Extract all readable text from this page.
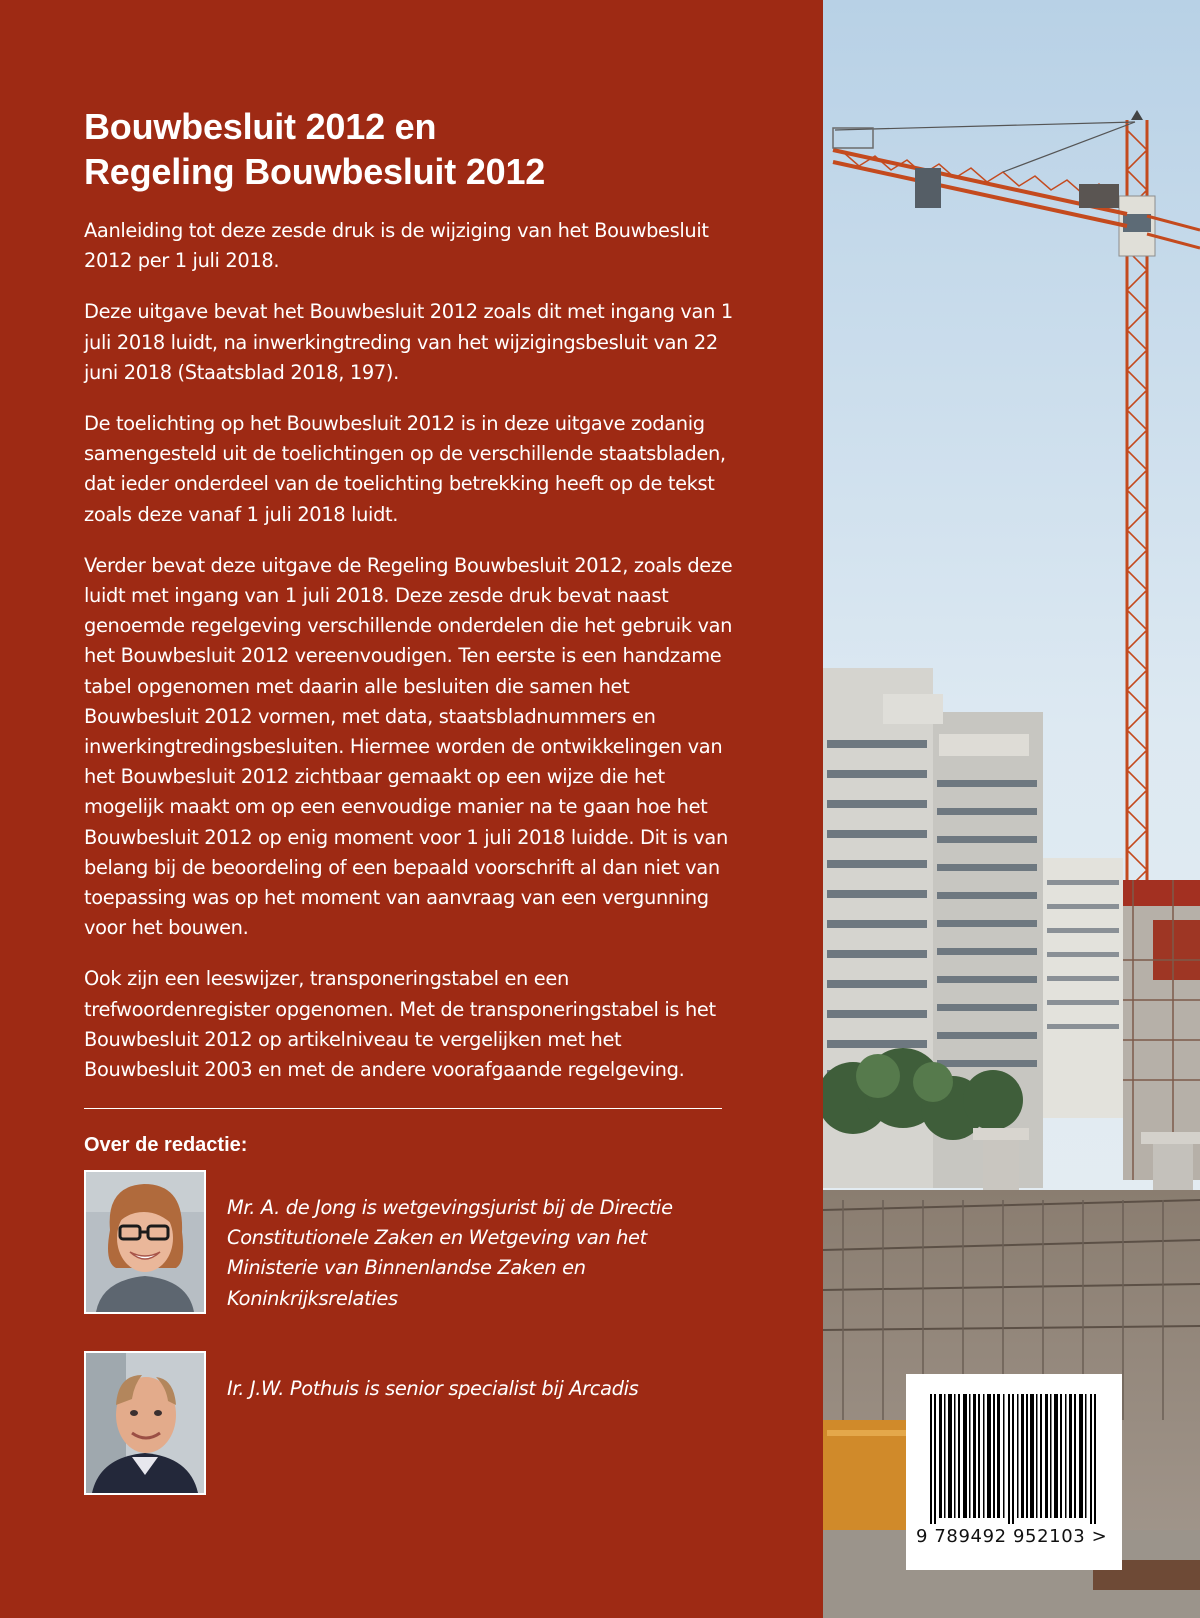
Bouwbesluit 2012 en
Regeling Bouwbesluit 2012

Aanleiding tot deze zesde druk is de wijziging van het Bouwbesluit 2012 per 1 juli 2018.

Deze uitgave bevat het Bouwbesluit 2012 zoals dit met ingang van 1 juli 2018 luidt, na inwerkingtreding van het wijzigingsbesluit van 22 juni 2018 (Staatsblad 2018, 197).

De toelichting op het Bouwbesluit 2012 is in deze uitgave zodanig samengesteld uit de toelichtingen op de verschillende staatsbladen, dat ieder onderdeel van de toelichting betrekking heeft op de tekst zoals deze vanaf 1 juli 2018 luidt.

Verder bevat deze uitgave de Regeling Bouwbesluit 2012, zoals deze luidt met ingang van 1 juli 2018. Deze zesde druk bevat naast genoemde regelgeving verschillende onderdelen die het gebruik van het Bouwbesluit 2012 vereenvoudigen. Ten eerste is een handzame tabel opgenomen met daarin alle besluiten die samen het Bouwbesluit 2012 vormen, met data, staatsbladnummers en inwerkingtredingsbesluiten. Hiermee worden de ontwikkelingen van het Bouwbesluit 2012 zichtbaar gemaakt op een wijze die het mogelijk maakt om op een eenvoudige manier na te gaan hoe het Bouwbesluit 2012 op enig moment voor 1 juli 2018 luidde. Dit is van belang bij de beoordeling of een bepaald voorschrift al dan niet van toepassing was op het moment van aanvraag van een vergunning voor het bouwen.

Ook zijn een leeswijzer, transponeringstabel en een trefwoordenregister opgenomen. Met de transponeringstabel is het Bouwbesluit 2012 op artikelniveau te vergelijken met het Bouwbesluit 2003 en met de andere voorafgaande regelgeving.

Over de redactie:
Mr. A. de Jong is wetgevingsjurist bij de Directie Constitutionele Zaken en Wetgeving van het Ministerie van Binnenlandse Zaken en Koninkrijksrelaties
Ir. J.W. Pothuis is senior specialist bij Arcadis
9 789492 952103 >
